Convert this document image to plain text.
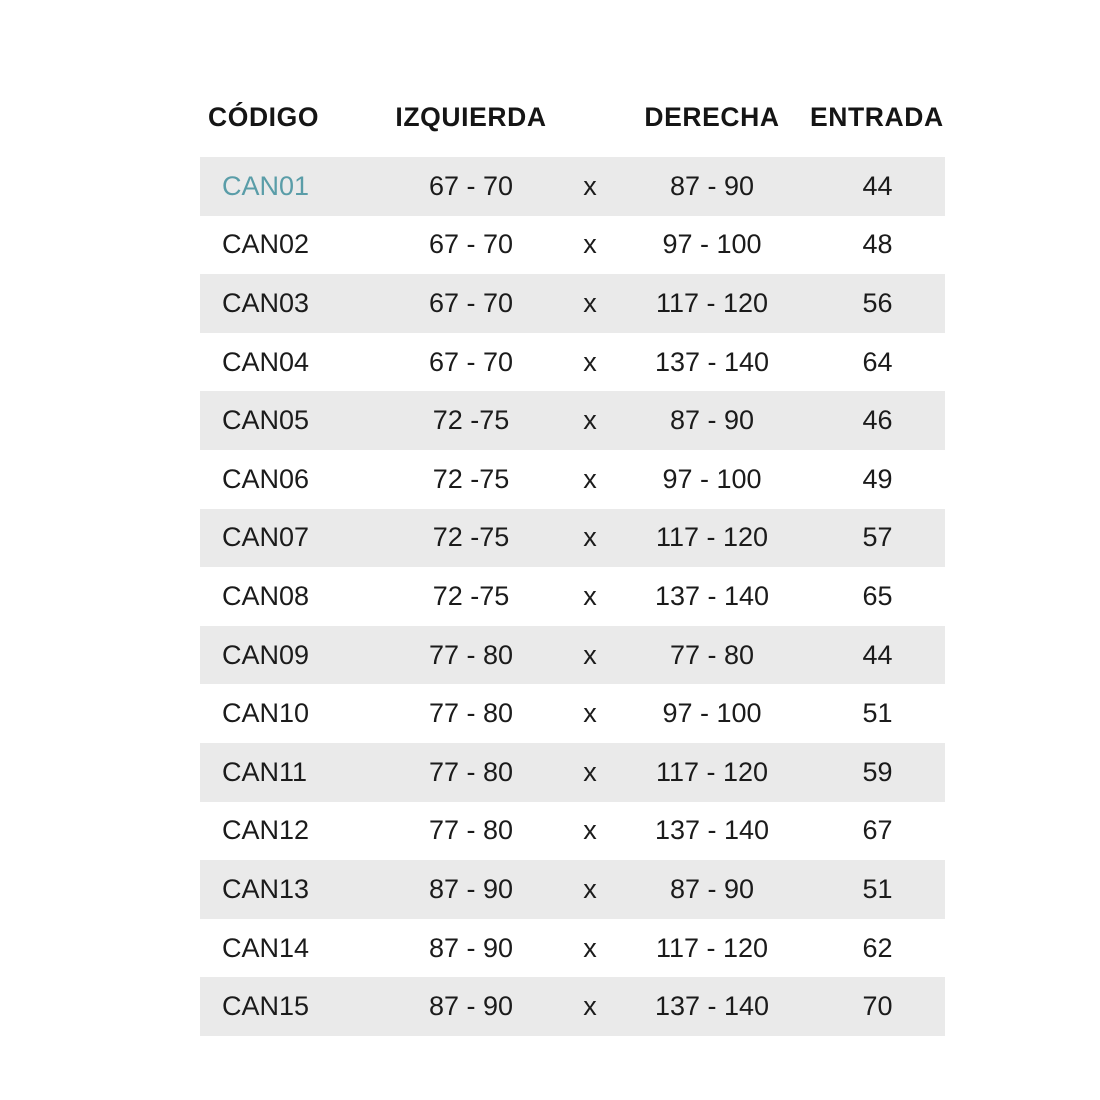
CÓDIGO	IZQUIERDA		DERECHA	ENTRADA
CAN01	67 - 70	x	87 - 90	44
CAN02	67 - 70	x	97 - 100	48
CAN03	67 - 70	x	117 - 120	56
CAN04	67 - 70	x	137 - 140	64
CAN05	72 -75	x	87 - 90	46
CAN06	72 -75	x	97 - 100	49
CAN07	72 -75	x	117 - 120	57
CAN08	72 -75	x	137 - 140	65
CAN09	77 - 80	x	77 - 80	44
CAN10	77 - 80	x	97 - 100	51
CAN11	77 - 80	x	117 - 120	59
CAN12	77 - 80	x	137 - 140	67
CAN13	87 - 90	x	87 - 90	51
CAN14	87 - 90	x	117 - 120	62
CAN15	87 - 90	x	137 - 140	70
